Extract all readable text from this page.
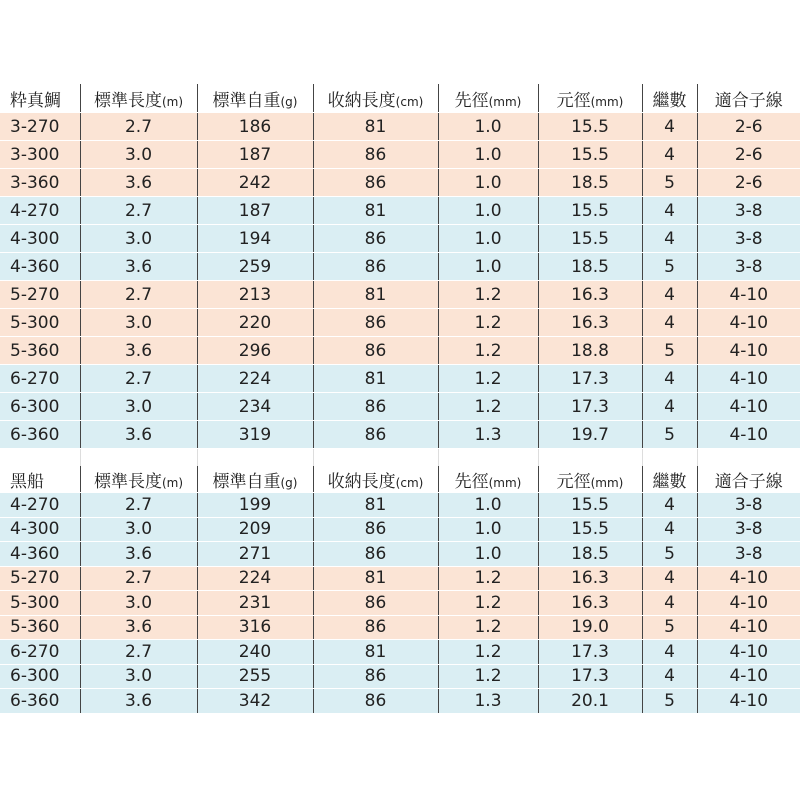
粋真鯛	標準長度(m)	標準自重(g)	收納長度(cm)	先徑(mm)	元徑(mm)	繼數	適合子線
3-270	2.7	186	81	1.0	15.5	4	2-6
3-300	3.0	187	86	1.0	15.5	4	2-6
3-360	3.6	242	86	1.0	18.5	5	2-6
4-270	2.7	187	81	1.0	15.5	4	3-8
4-300	3.0	194	86	1.0	15.5	4	3-8
4-360	3.6	259	86	1.0	18.5	5	3-8
5-270	2.7	213	81	1.2	16.3	4	4-10
5-300	3.0	220	86	1.2	16.3	4	4-10
5-360	3.6	296	86	1.2	18.8	5	4-10
6-270	2.7	224	81	1.2	17.3	4	4-10
6-300	3.0	234	86	1.2	17.3	4	4-10
6-360	3.6	319	86	1.3	19.7	5	4-10

黑船	標準長度(m)	標準自重(g)	收納長度(cm)	先徑(mm)	元徑(mm)	繼數	適合子線
4-270	2.7	199	81	1.0	15.5	4	3-8
4-300	3.0	209	86	1.0	15.5	4	3-8
4-360	3.6	271	86	1.0	18.5	5	3-8
5-270	2.7	224	81	1.2	16.3	4	4-10
5-300	3.0	231	86	1.2	16.3	4	4-10
5-360	3.6	316	86	1.2	19.0	5	4-10
6-270	2.7	240	81	1.2	17.3	4	4-10
6-300	3.0	255	86	1.2	17.3	4	4-10
6-360	3.6	342	86	1.3	20.1	5	4-10
